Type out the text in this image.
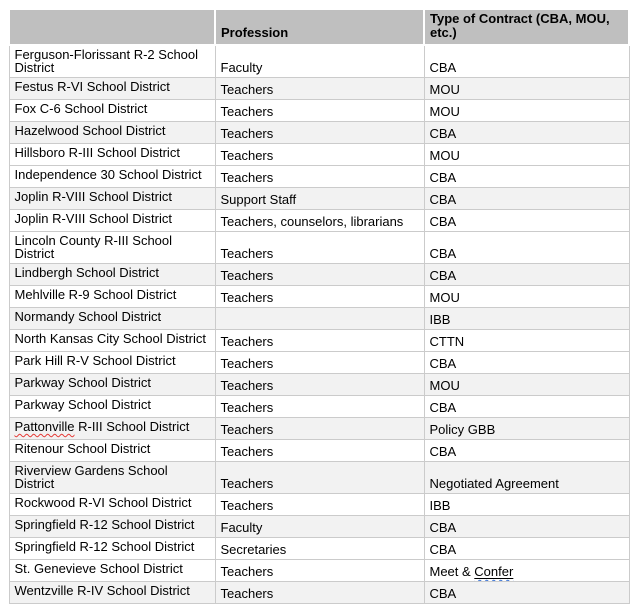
	Profession	Type of Contract (CBA, MOU, etc.)
Ferguson-Florissant R-2 School District	Faculty	CBA
Festus R-VI School District	Teachers	MOU
Fox C-6 School District	Teachers	MOU
Hazelwood School District	Teachers	CBA
Hillsboro R-III School District	Teachers	MOU
Independence 30 School District	Teachers	CBA
Joplin R-VIII School District	Support Staff	CBA
Joplin R-VIII School District	Teachers, counselors, librarians	CBA
Lincoln County R-III School District	Teachers	CBA
Lindbergh School District	Teachers	CBA
Mehlville R-9 School District	Teachers	MOU
Normandy School District		IBB
North Kansas City School District	Teachers	CTTN
Park Hill R-V School District	Teachers	CBA
Parkway School District	Teachers	MOU
Parkway School District	Teachers	CBA
Pattonville R-III School District	Teachers	Policy GBB
Ritenour School District	Teachers	CBA
Riverview Gardens School District	Teachers	Negotiated Agreement
Rockwood R-VI School District	Teachers	IBB
Springfield R-12 School District	Faculty	CBA
Springfield R-12 School District	Secretaries	CBA
St. Genevieve School District	Teachers	Meet & Confer
Wentzville R-IV School District	Teachers	CBA
